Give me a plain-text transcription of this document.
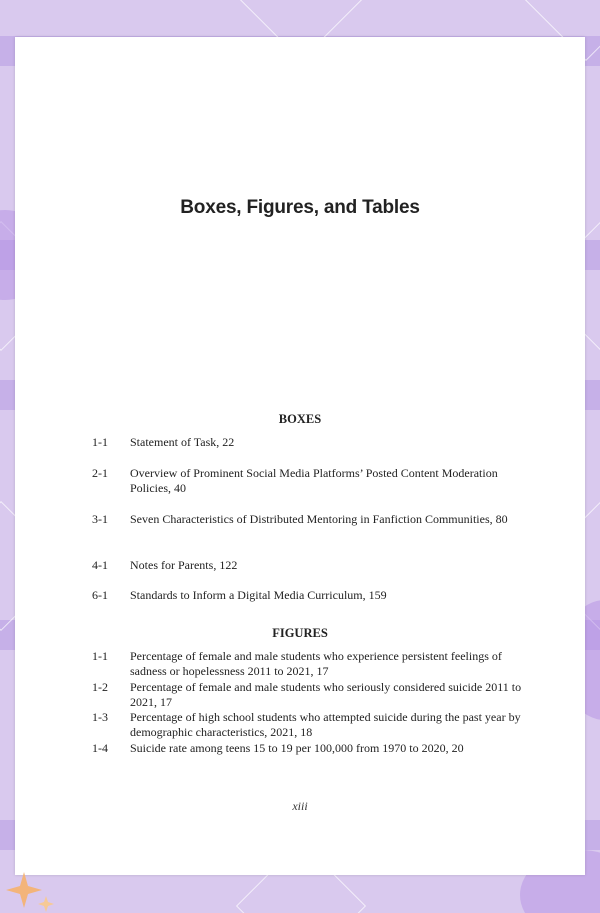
Boxes, Figures, and Tables
BOXES
1-1	Statement of Task, 22
2-1	Overview of Prominent Social Media Platforms’ Posted Content Moderation Policies, 40
3-1	Seven Characteristics of Distributed Mentoring in Fanfiction Communities, 80
4-1	Notes for Parents, 122
6-1	Standards to Inform a Digital Media Curriculum, 159
FIGURES
1-1	Percentage of female and male students who experience persistent feelings of sadness or hopelessness 2011 to 2021, 17
1-2	Percentage of female and male students who seriously considered suicide 2011 to 2021, 17
1-3	Percentage of high school students who attempted suicide during the past year by demographic characteristics, 2021, 18
1-4	Suicide rate among teens 15 to 19 per 100,000 from 1970 to 2020, 20
xiii
